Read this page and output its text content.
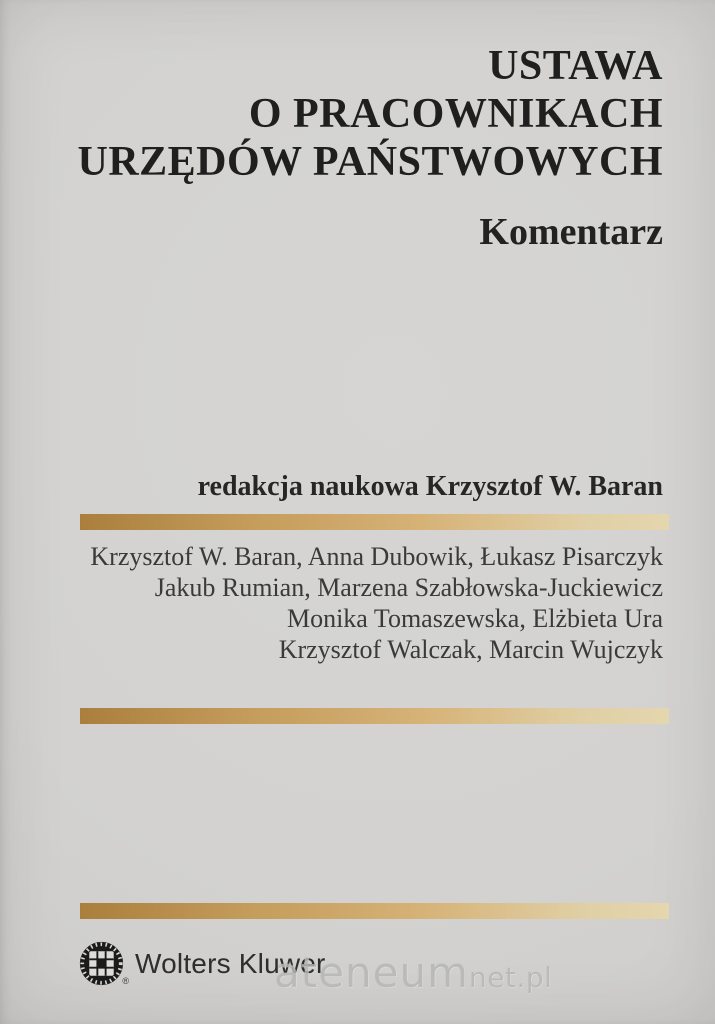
USTAWA
O PRACOWNIKACH
URZĘDÓW PAŃSTWOWYCH
Komentarz
redakcja naukowa Krzysztof W. Baran
Krzysztof W. Baran, Anna Dubowik, Łukasz Pisarczyk
Jakub Rumian, Marzena Szabłowska-Juckiewicz
Monika Tomaszewska, Elżbieta Ura
Krzysztof Walczak, Marcin Wujczyk
®
Wolters Kluwer
ateneum net.pl
